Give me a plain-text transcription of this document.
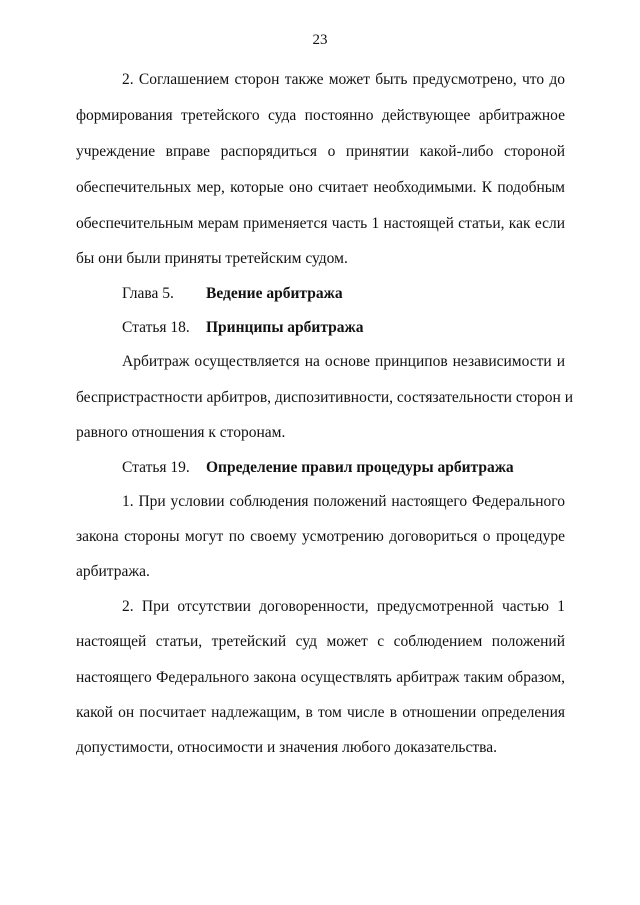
23
2. Соглашением сторон также может быть предусмотрено, что до
формирования третейского суда постоянно действующее арбитражное
учреждение вправе распорядиться о принятии какой-либо стороной
обеспечительных мер, которые оно считает необходимыми. К подобным
обеспечительным мерам применяется часть 1 настоящей статьи, как если
бы они были приняты третейским судом.
Глава 5. Ведение арбитража
Статья 18. Принципы арбитража
Арбитраж осуществляется на основе принципов независимости и
беспристрастности арбитров, диспозитивности, состязательности сторон и
равного отношения к сторонам.
Статья 19. Определение правил процедуры арбитража
1. При условии соблюдения положений настоящего Федерального
закона стороны могут по своему усмотрению договориться о процедуре
арбитража.
2. При отсутствии договоренности, предусмотренной частью 1
настоящей статьи, третейский суд может с соблюдением положений
настоящего Федерального закона осуществлять арбитраж таким образом,
какой он посчитает надлежащим, в том числе в отношении определения
допустимости, относимости и значения любого доказательства.
